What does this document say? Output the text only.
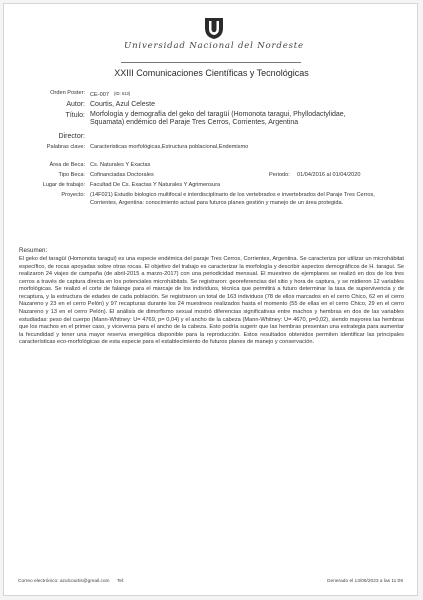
Universidad Nacional del Nordeste
XXIII Comunicaciones Científicas y Tecnológicas
Orden Poster: CE-007 (ID: 613)
Autor: Courtis, Azul Celeste
Título: Morfología y demografía del geko del taragüí (Homonota taragui, Phyllodactylidae, Squamata) endémico del Paraje Tres Cerros, Corrientes, Argentina
Director:
Palabras clave: Caracteristicas morfológicas,Estructura poblacional,Endemismo
Área de Beca: Cs. Naturales Y Exactas
Tipo Beca: Cofinanciadas Doctorales	Periodo: 01/04/2016 al 01/04/2020
Lugar de trabajo: Facultad De Cs. Exactas Y Naturales Y Agrimensura
Proyecto: (14F021) Estudio biologico multifocal e interdisciplinario de los vertebrados e invertebrados del Paraje Tres Cerros, Corrientes, Argentina: conocimiento actual para futuros planes gestión y manejo de un área protegida.
Resumen:
El geko del taragüí (Homonota taragui) es una especie endémica del paraje Tres Cerros, Corrientes, Argentina. Se caracteriza por utilizar un microhábitat específico, de rocas apoyadas sobre otras rocas. El objetivo del trabajo es caracterizar la morfología y describir aspectos demográficos de H. taragui. Se realizaron 24 viajes de campaña (de abril-2015 a marzo-2017) con una periodicidad mensual. El muestreo de ejemplares se realizó en dos de los tres cerros a través de captura directa en los potenciales microhábitats. Se registraron: georeferencias del sitio y hora de captura, y se midieron 12 variables morfológicas. Se realizó el corte de falange para el marcaje de los individuos, técnica que permitirá a futuro determinar la tasa de supervivencia y de recaptura, y la estructura de edades de cada población. Se registraron un total de 163 individuos (78 de ellos marcados en el cerro Chico, 62 en el cerro Nazareno y 23 en el cerro Pelón) y 97 recapturas durante los 24 muestreos realizados hasta el momento (55 de ellas en el cerro Chico, 29 en el cerro Nazareno y 13 en el cerro Pelón). El análisis de dimorfismo sexual mostró diferencias significativas entre machos y hembras en dos de las variables estudiadas: peso del cuerpo (Mann-Whitney: U= 4769, p= 0,04) y el ancho de la cabeza (Mann-Whitney: U= 4670, p=0,02), siendo mayores las hembras que los machos en el primer caso, y viceversa para el ancho de la cabeza. Esto podría sugerir que las hembras presentan una estrategia para aumentar la fecundidad y tener una mayor reserva energética disponible para la reproducción. Estos resultados obtenidos permiten identificar las principales características eco-morfológicas de esta especie para el establecimiento de futuros planes de manejo y conservación.
Correo electrónico: azulcourtis@gmail.com Tel:	Generado el 13/06/2023 a las 11:09
